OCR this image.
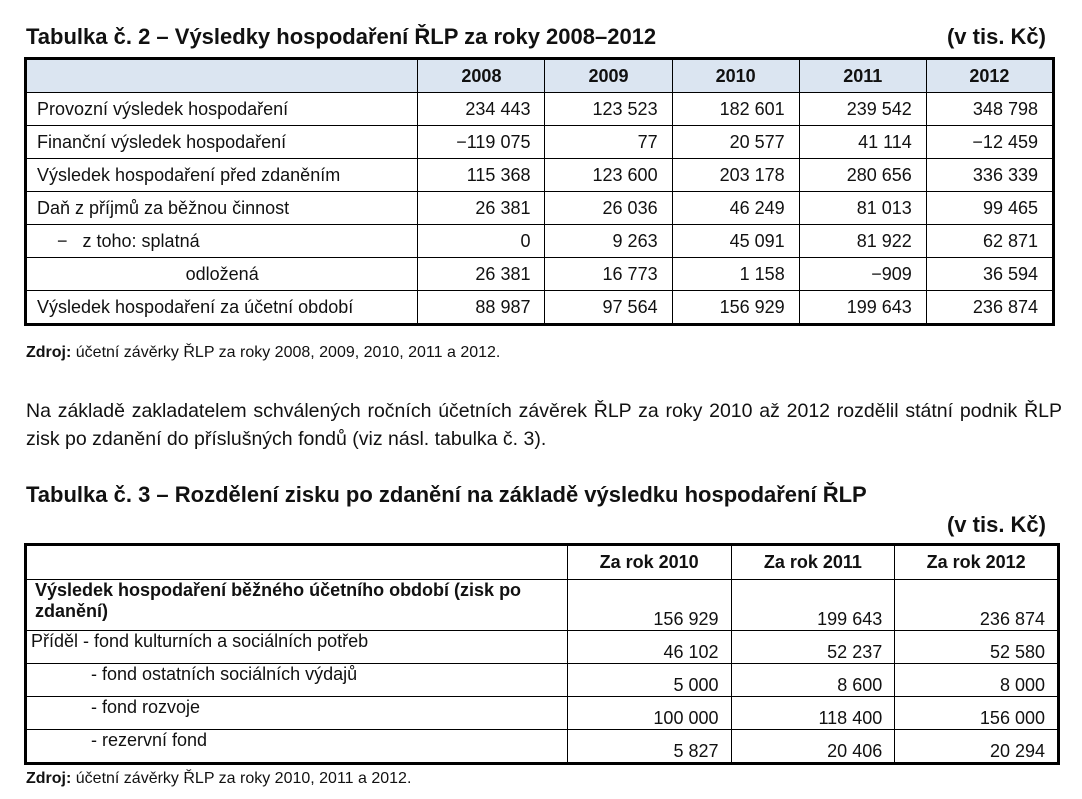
Tabulka č. 2 – Výsledky hospodaření ŘLP za roky 2008–2012	(v tis. Kč)
	2008	2009	2010	2011	2012
Provozní výsledek hospodaření	234 443	123 523	182 601	239 542	348 798
Finanční výsledek hospodaření	−119 075	77	20 577	41 114	−12 459
Výsledek hospodaření před zdaněním	115 368	123 600	203 178	280 656	336 339
Daň z příjmů za běžnou činnost	26 381	26 036	46 249	81 013	99 465
−   z toho: splatná	0	9 263	45 091	81 922	62 871
odložená	26 381	16 773	1 158	−909	36 594
Výsledek hospodaření za účetní období	88 987	97 564	156 929	199 643	236 874
Zdroj: účetní závěrky ŘLP za roky 2008, 2009, 2010, 2011 a 2012.
Na základě zakladatelem schválených ročních účetních závěrek ŘLP za roky 2010 až 2012 rozdělil státní podnik ŘLP zisk po zdanění do příslušných fondů (viz násl. tabulka č. 3).
Tabulka č. 3 – Rozdělení zisku po zdanění na základě výsledku hospodaření ŘLP
(v tis. Kč)
	Za rok 2010	Za rok 2011	Za rok 2012
Výsledek hospodaření běžného účetního období (zisk po zdanění)	156 929	199 643	236 874
Příděl - fond kulturních a sociálních potřeb	46 102	52 237	52 580
- fond ostatních sociálních výdajů	5 000	8 600	8 000
- fond rozvoje	100 000	118 400	156 000
- rezervní fond	5 827	20 406	20 294
Zdroj: účetní závěrky ŘLP za roky 2010, 2011 a 2012.
